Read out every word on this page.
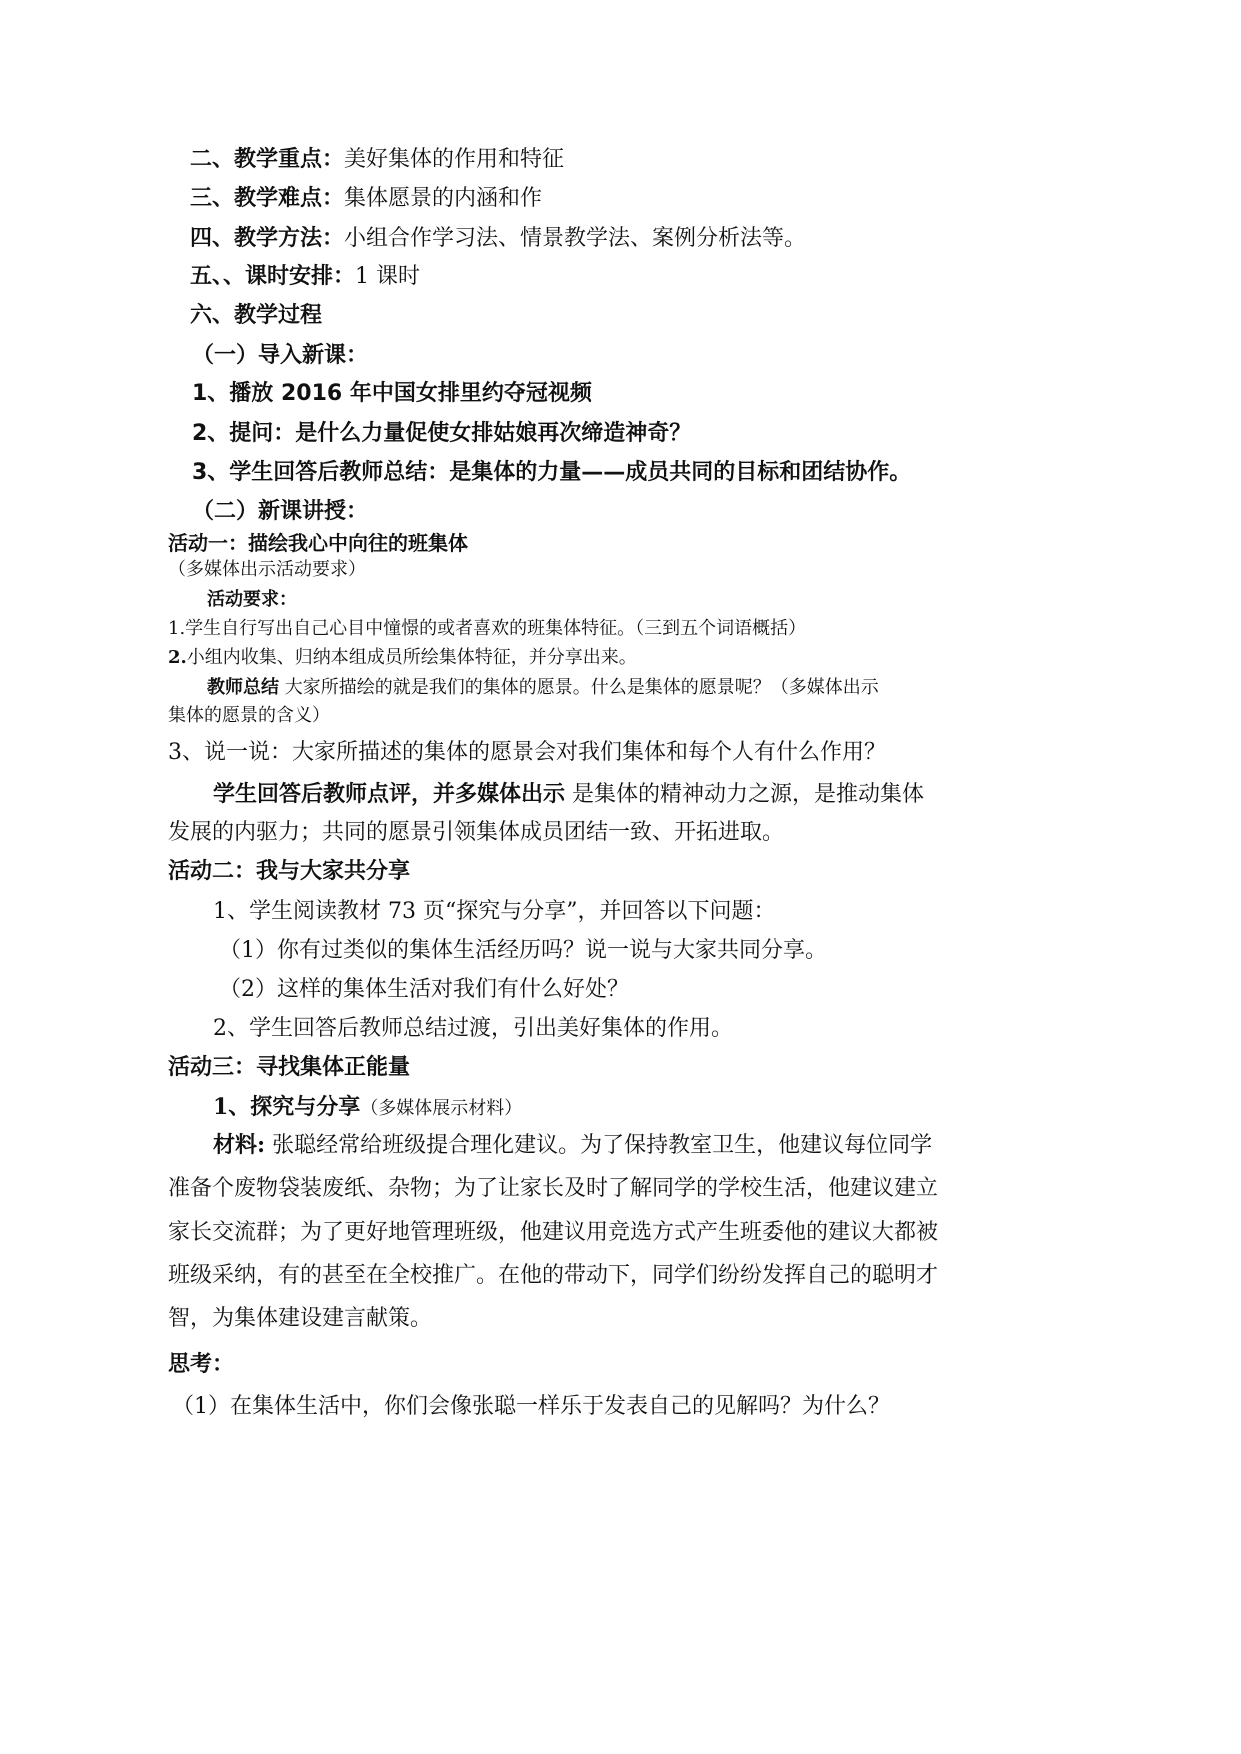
二、教学重点：美好集体的作用和特征
三、教学难点：集体愿景的内涵和作
四、教学方法：小组合作学习法、情景教学法、案例分析法等。
五、、课时安排：1 课时
六、教学过程
（一）导入新课：
1、播放 2016 年中国女排里约夺冠视频
2、提问：是什么力量促使女排姑娘再次缔造神奇？
3、学生回答后教师总结：是集体的力量——成员共同的目标和团结协作。
（二）新课讲授：
活动一：描绘我心中向往的班集体
（多媒体出示活动要求）
活动要求：
1.学生自行写出自己心目中憧憬的或者喜欢的班集体特征。（三到五个词语概括）
2.小组内收集、归纳本组成员所绘集体特征，并分享出来。
教师总结 大家所描绘的就是我们的集体的愿景。什么是集体的愿景呢？（多媒体出示
集体的愿景的含义）
3、说一说：大家所描述的集体的愿景会对我们集体和每个人有什么作用？
学生回答后教师点评，并多媒体出示 是集体的精神动力之源，是推动集体
发展的内驱力；共同的愿景引领集体成员团结一致、开拓进取。
活动二：我与大家共分享
1、学生阅读教材 73 页“探究与分享”，并回答以下问题：
（1）你有过类似的集体生活经历吗？说一说与大家共同分享。
（2）这样的集体生活对我们有什么好处？
2、学生回答后教师总结过渡，引出美好集体的作用。
活动三：寻找集体正能量
1、探究与分享（多媒体展示材料）
材料: 张聪经常给班级提合理化建议。为了保持教室卫生，他建议每位同学
准备个废物袋装废纸、杂物；为了让家长及时了解同学的学校生活，他建议建立
家长交流群；为了更好地管理班级，他建议用竞选方式产生班委他的建议大都被
班级采纳，有的甚至在全校推广。在他的带动下，同学们纷纷发挥自己的聪明才
智，为集体建设建言献策。
思考：
（1）在集体生活中，你们会像张聪一样乐于发表自己的见解吗？为什么？
